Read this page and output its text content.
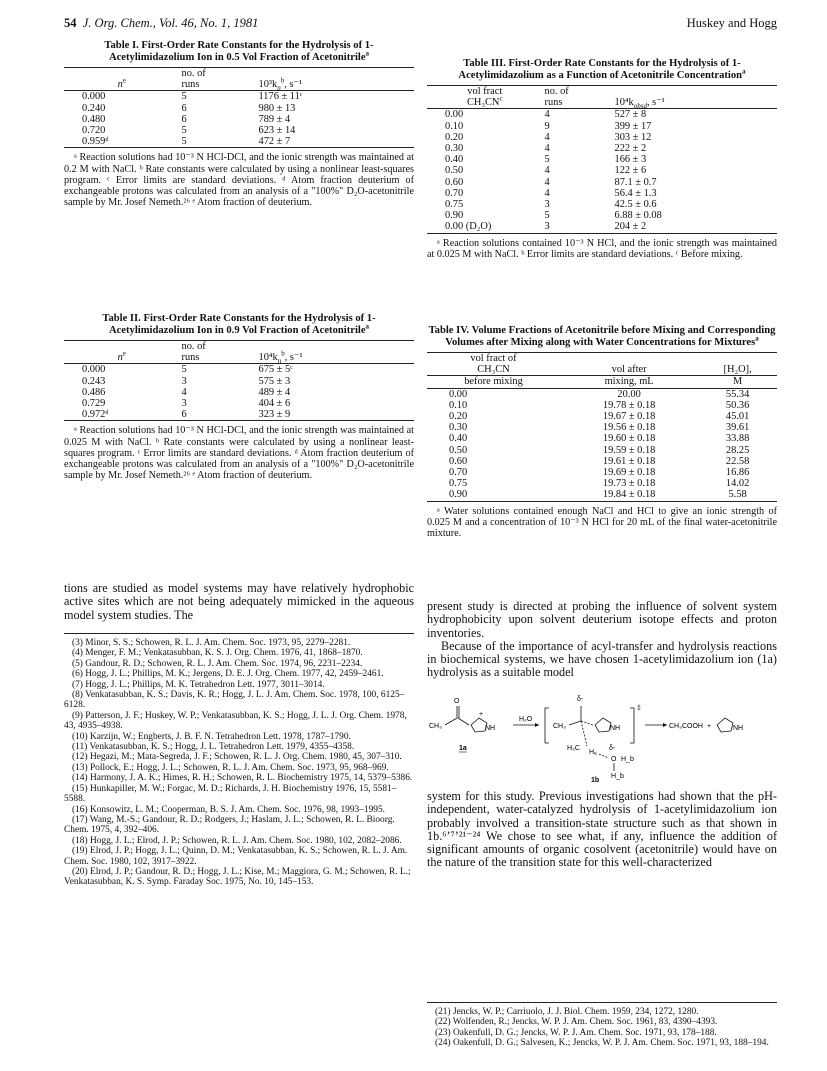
54 J. Org. Chem., Vol. 46, No. 1, 1981	Huskey and Hogg
Table I. First-Order Rate Constants for the Hydrolysis of 1-Acetylimidazolium Ion in 0.5 Vol Fraction of Acetonitrile$^a$
	no. of	
$n^e$	runs	$10^3k_n^b$, s⁻¹
0.000	5	1176 ± 11ᶜ
0.240	6	980 ± 13
0.480	6	789 ± 4
0.720	5	623 ± 14
0.959ᵈ	5	472 ± 7
ᵃ Reaction solutions had 10⁻³ N HCl-DCl, and the ionic strength was maintained at 0.2 M with NaCl. ᵇ Rate constants were calculated by using a nonlinear least-squares program. ᶜ Error limits are standard deviations. ᵈ Atom fraction deuterium of exchangeable protons was calculated from an analysis of a "100%" D₂O-acetonitrile sample by Mr. Josef Nemeth.²⁶ ᵉ Atom fraction of deuterium.
Table II. First-Order Rate Constants for the Hydrolysis of 1-Acetylimidazolium Ion in 0.9 Vol Fraction of Acetonitrile$^a$
	no. of	
$n^e$	runs	$10^4k_n^b$, s⁻¹
0.000	5	675 ± 5ᶜ
0.243	3	575 ± 3
0.486	4	489 ± 4
0.729	3	404 ± 6
0.972ᵈ	6	323 ± 9
ᵃ Reaction solutions had 10⁻³ N HCl-DCl, and the ionic strength was maintained at 0.025 M with NaCl. ᵇ Rate constants were calculated by using a nonlinear least-squares program. ᶜ Error limits are standard deviations. ᵈ Atom fraction deuterium of exchangeable protons was calculated from an analysis of a "100%" D₂O-acetonitrile sample by Mr. Josef Nemeth.²⁶ ᵉ Atom fraction of deuterium.
tions are studied as model systems may have relatively hydrophobic active sites which are not being adequately mimicked in the aqueous model system studies. The

(3) Minor, S. S.; Schowen, R. L. J. Am. Chem. Soc. 1973, 95, 2279–2281.

(4) Menger, F. M.; Venkatasubban, K. S. J. Org. Chem. 1976, 41, 1868–1870.

(5) Gandour, R. D.; Schowen, R. L. J. Am. Chem. Soc. 1974, 96, 2231–2234.

(6) Hogg, J. L.; Phillips, M. K.; Jergens, D. E. J. Org. Chem. 1977, 42, 2459–2461.

(7) Hogg, J. L.; Phillips, M. K. Tetrahedron Lett. 1977, 3011–3014.

(8) Venkatasubban, K. S.; Davis, K. R.; Hogg, J. L. J. Am. Chem. Soc. 1978, 100, 6125–6128.

(9) Patterson, J. F.; Huskey, W. P.; Venkatasubban, K. S.; Hogg, J. L. J. Org. Chem. 1978, 43, 4935–4938.

(10) Karzijn, W.; Engberts, J. B. F. N. Tetrahedron Lett. 1978, 1787–1790.

(11) Venkatasubban, K. S.; Hogg, J. L. Tetrahedron Lett. 1979, 4355–4358.

(12) Hegazi, M.; Mata-Segreda, J. F.; Schowen, R. L. J. Org. Chem. 1980, 45, 307–310.

(13) Pollock, E.; Hogg, J. L.; Schowen, R. L. J. Am. Chem. Soc. 1973, 95, 968–969.

(14) Harmony, J. A. K.; Himes, R. H.; Schowen, R. L. Biochemistry 1975, 14, 5379–5386.

(15) Hunkapiller, M. W.; Forgac, M. D.; Richards, J. H. Biochemistry 1976, 15, 5581–5588.

(16) Konsowitz, L. M.; Cooperman, B. S. J. Am. Chem. Soc. 1976, 98, 1993–1995.

(17) Wang, M.-S.; Gandour, R. D.; Rodgers, J.; Haslam, J. L.; Schowen, R. L. Bioorg. Chem. 1975, 4, 392–406.

(18) Hogg, J. L.; Elrod, J. P.; Schowen, R. L. J. Am. Chem. Soc. 1980, 102, 2082–2086.

(19) Elrod, J. P.; Hogg, J. L.; Quinn, D. M.; Venkatasubban, K. S.; Schowen, R. L. J. Am. Chem. Soc. 1980, 102, 3917–3922.

(20) Elrod, J. P.; Gandour, R. D.; Hogg, J. L.; Kise, M.; Maggiora, G. M.; Schowen, R. L.; Venkatasubban, K. S. Symp. Faraday Soc. 1975, No. 10, 145–153.

Table III. First-Order Rate Constants for the Hydrolysis of 1-Acetylimidazolium as a Function of Acetonitrile Concentration$^a$
vol fract	no. of	
$CH_3CN^c$	runs	$10^4k_{obsd}$, s⁻¹
0.00	4	527 ± 8
0.10	9	399 ± 17
0.20	4	303 ± 12
0.30	4	222 ± 2
0.40	5	166 ± 3
0.50	4	122 ± 6
0.60	4	87.1 ± 0.7
0.70	4	56.4 ± 1.3
0.75	3	42.5 ± 0.6
0.90	5	6.88 ± 0.08
0.00 (D₂O)	3	204 ± 2
ᵃ Reaction solutions contained 10⁻³ N HCl, and the ionic strength was maintained at 0.025 M with NaCl. ᵇ Error limits are standard deviations. ᶜ Before mixing.
Table IV. Volume Fractions of Acetonitrile before Mixing and Corresponding Volumes after Mixing along with Water Concentrations for Mixtures$^a$
vol fract of		
CH₃CN	vol after	[H₂O],
before mixing	mixing, mL	M
0.00	20.00	55.34
0.10	19.78 ± 0.18	50.36
0.20	19.67 ± 0.18	45.01
0.30	19.56 ± 0.18	39.61
0.40	19.60 ± 0.18	33.88
0.50	19.59 ± 0.18	28.25
0.60	19.61 ± 0.18	22.58
0.70	19.69 ± 0.18	16.86
0.75	19.73 ± 0.18	14.02
0.90	19.84 ± 0.18	5.58
ᵃ Water solutions contained enough NaCl and HCl to give an ionic strength of 0.025 M and a concentration of 10⁻³ N HCl for 20 mL of the final water-acetonitrile mixture.
present study is directed at probing the influence of solvent system hydrophobicity upon solvent deuterium isotope effects and proton inventories.
Because of the importance of acyl-transfer and hydrolysis reactions in biochemical systems, we have chosen 1-acetylimidazolium ion (1a) hydrolysis as a suitable model
CH₃
O
NH
+
H₂O
CH₃
δ-
NH
‡
H₃C
Hₐ
δ-
O H_b
H_b
CH₃COOH +	NH
1a
1b
system for this study. Previous investigations had shown that the pH-independent, water-catalyzed hydrolysis of 1-acetylimidazolium ion probably involved a transition-state structure such as that shown in 1b.⁶ʼ⁷ʼ²¹⁻²⁴ We chose to see what, if any, influence the addition of significant amounts of organic cosolvent (acetonitrile) would have on the nature of the transition state for this well-characterized

(21) Jencks, W. P.; Carriuolo, J. J. Biol. Chem. 1959, 234, 1272, 1280.

(22) Wolfenden, R.; Jencks, W. P. J. Am. Chem. Soc. 1961, 83, 4390–4393.

(23) Oakenfull, D. G.; Jencks, W. P. J. Am. Chem. Soc. 1971, 93, 178–188.

(24) Oakenfull, D. G.; Salvesen, K.; Jencks, W. P. J. Am. Chem. Soc. 1971, 93, 188–194.
